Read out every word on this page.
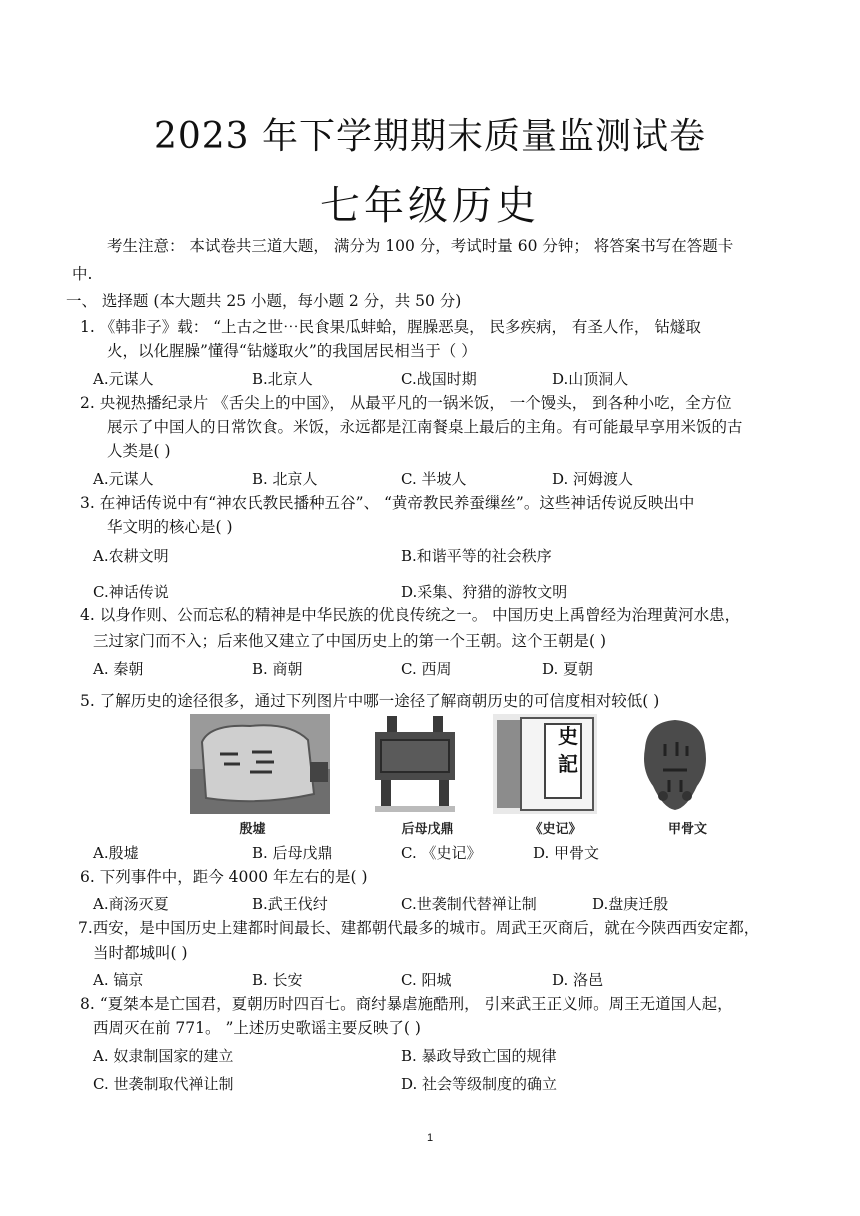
2023 年下学期期末质量监测试卷
七年级历史
考生注意： 本试卷共三道大题， 满分为 100 分，考试时量 60 分钟； 将答案书写在答题卡
中.
一、 选择题 (本大题共 25 小题，每小题 2 分，共 50 分)
1. 《韩非子》载： “上古之世⋯民食果瓜蚌蛤，腥臊恶臭， 民多疾病， 有圣人作， 钻燧取
火，以化腥臊”懂得“钻燧取火”的我国居民相当于（ ）
A.元谋人	B.北京人	C.战国时期	D.山顶洞人
2. 央视热播纪录片 《舌尖上的中国》， 从最平凡的一锅米饭， 一个馒头， 到各种小吃，全方位
展示了中国人的日常饮食。米饭，永远都是江南餐桌上最后的主角。有可能最早享用米饭的古
人类是( )
A.元谋人	B. 北京人	C. 半坡人	D. 河姆渡人
3. 在神话传说中有“神农氏教民播种五谷”、 “黄帝教民养蚕缫丝”。这些神话传说反映出中
华文明的核心是( )
A.农耕文明	B.和谐平等的社会秩序
C.神话传说	D.采集、狩猎的游牧文明
4. 以身作则、公而忘私的精神是中华民族的优良传统之一。 中国历史上禹曾经为治理黄河水患，
三过家门而不入；后来他又建立了中国历史上的第一个王朝。这个王朝是( )
A. 秦朝	B. 商朝	C. 西周	D. 夏朝
5. 了解历史的途径很多，通过下列图片中哪一途径了解商朝历史的可信度相对较低( )
殷墟	后母戊鼎
史
記
《史记》	甲骨文
A.殷墟	B. 后母戊鼎	C. 《史记》	D. 甲骨文
6. 下列事件中，距今 4000 年左右的是( )
A.商汤灭夏	B.武王伐纣	C.世袭制代替禅让制	D.盘庚迁殷
7.西安，是中国历史上建都时间最长、建都朝代最多的城市。周武王灭商后，就在今陕西西安定都，
当时都城叫( )
A. 镐京	B. 长安	C. 阳城	D. 洛邑
8. “夏桀本是亡国君，夏朝历时四百七。商纣暴虐施酷刑， 引来武王正义师。周王无道国人起，
西周灭在前 771。 ”上述历史歌谣主要反映了( )
A. 奴隶制国家的建立	B. 暴政导致亡国的规律
C. 世袭制取代禅让制	D. 社会等级制度的确立
1
